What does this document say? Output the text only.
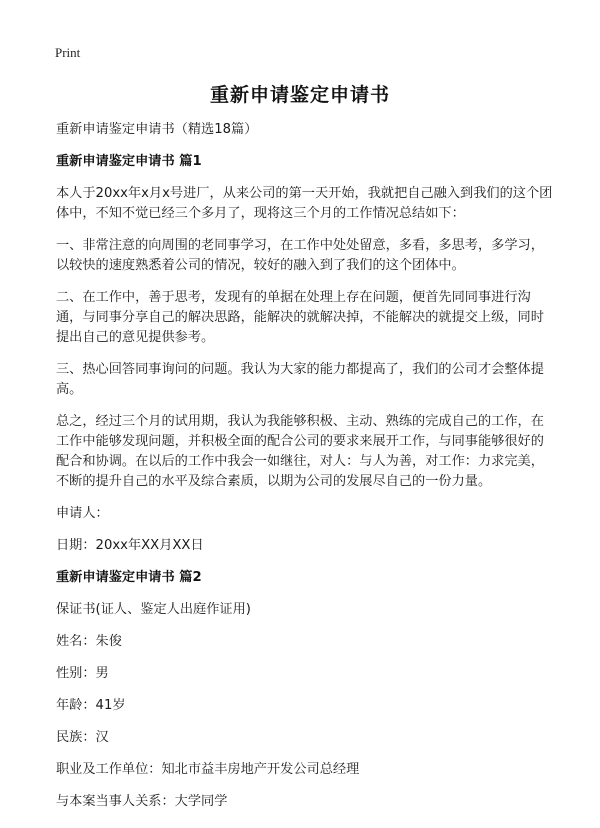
Print
重新申请鉴定申请书
重新申请鉴定申请书（精选18篇）
重新申请鉴定申请书 篇1
本人于20xx年x月x号进厂，从来公司的第一天开始，我就把自己融入到我们的这个团体中，不知不觉已经三个多月了，现将这三个月的工作情况总结如下：
一、非常注意的向周围的老同事学习，在工作中处处留意，多看，多思考，多学习，以较快的速度熟悉着公司的情况，较好的融入到了我们的这个团体中。
二、在工作中，善于思考，发现有的单据在处理上存在问题，便首先同同事进行沟通，与同事分享自己的解决思路，能解决的就解决掉，不能解决的就提交上级，同时提出自己的意见提供参考。
三、热心回答同事询问的问题。我认为大家的能力都提高了，我们的公司才会整体提高。
总之，经过三个月的试用期，我认为我能够积极、主动、熟练的完成自己的工作，在工作中能够发现问题，并积极全面的配合公司的要求来展开工作，与同事能够很好的配合和协调。在以后的工作中我会一如继往，对人：与人为善，对工作：力求完美，不断的提升自己的水平及综合素质，以期为公司的发展尽自己的一份力量。
申请人：
日期：20xx年XX月XX日
重新申请鉴定申请书 篇2
保证书(证人、鉴定人出庭作证用)
姓名：朱俊
性别：男
年龄：41岁
民族：汉
职业及工作单位：知北市益丰房地产开发公司总经理
与本案当事人关系：大学同学
